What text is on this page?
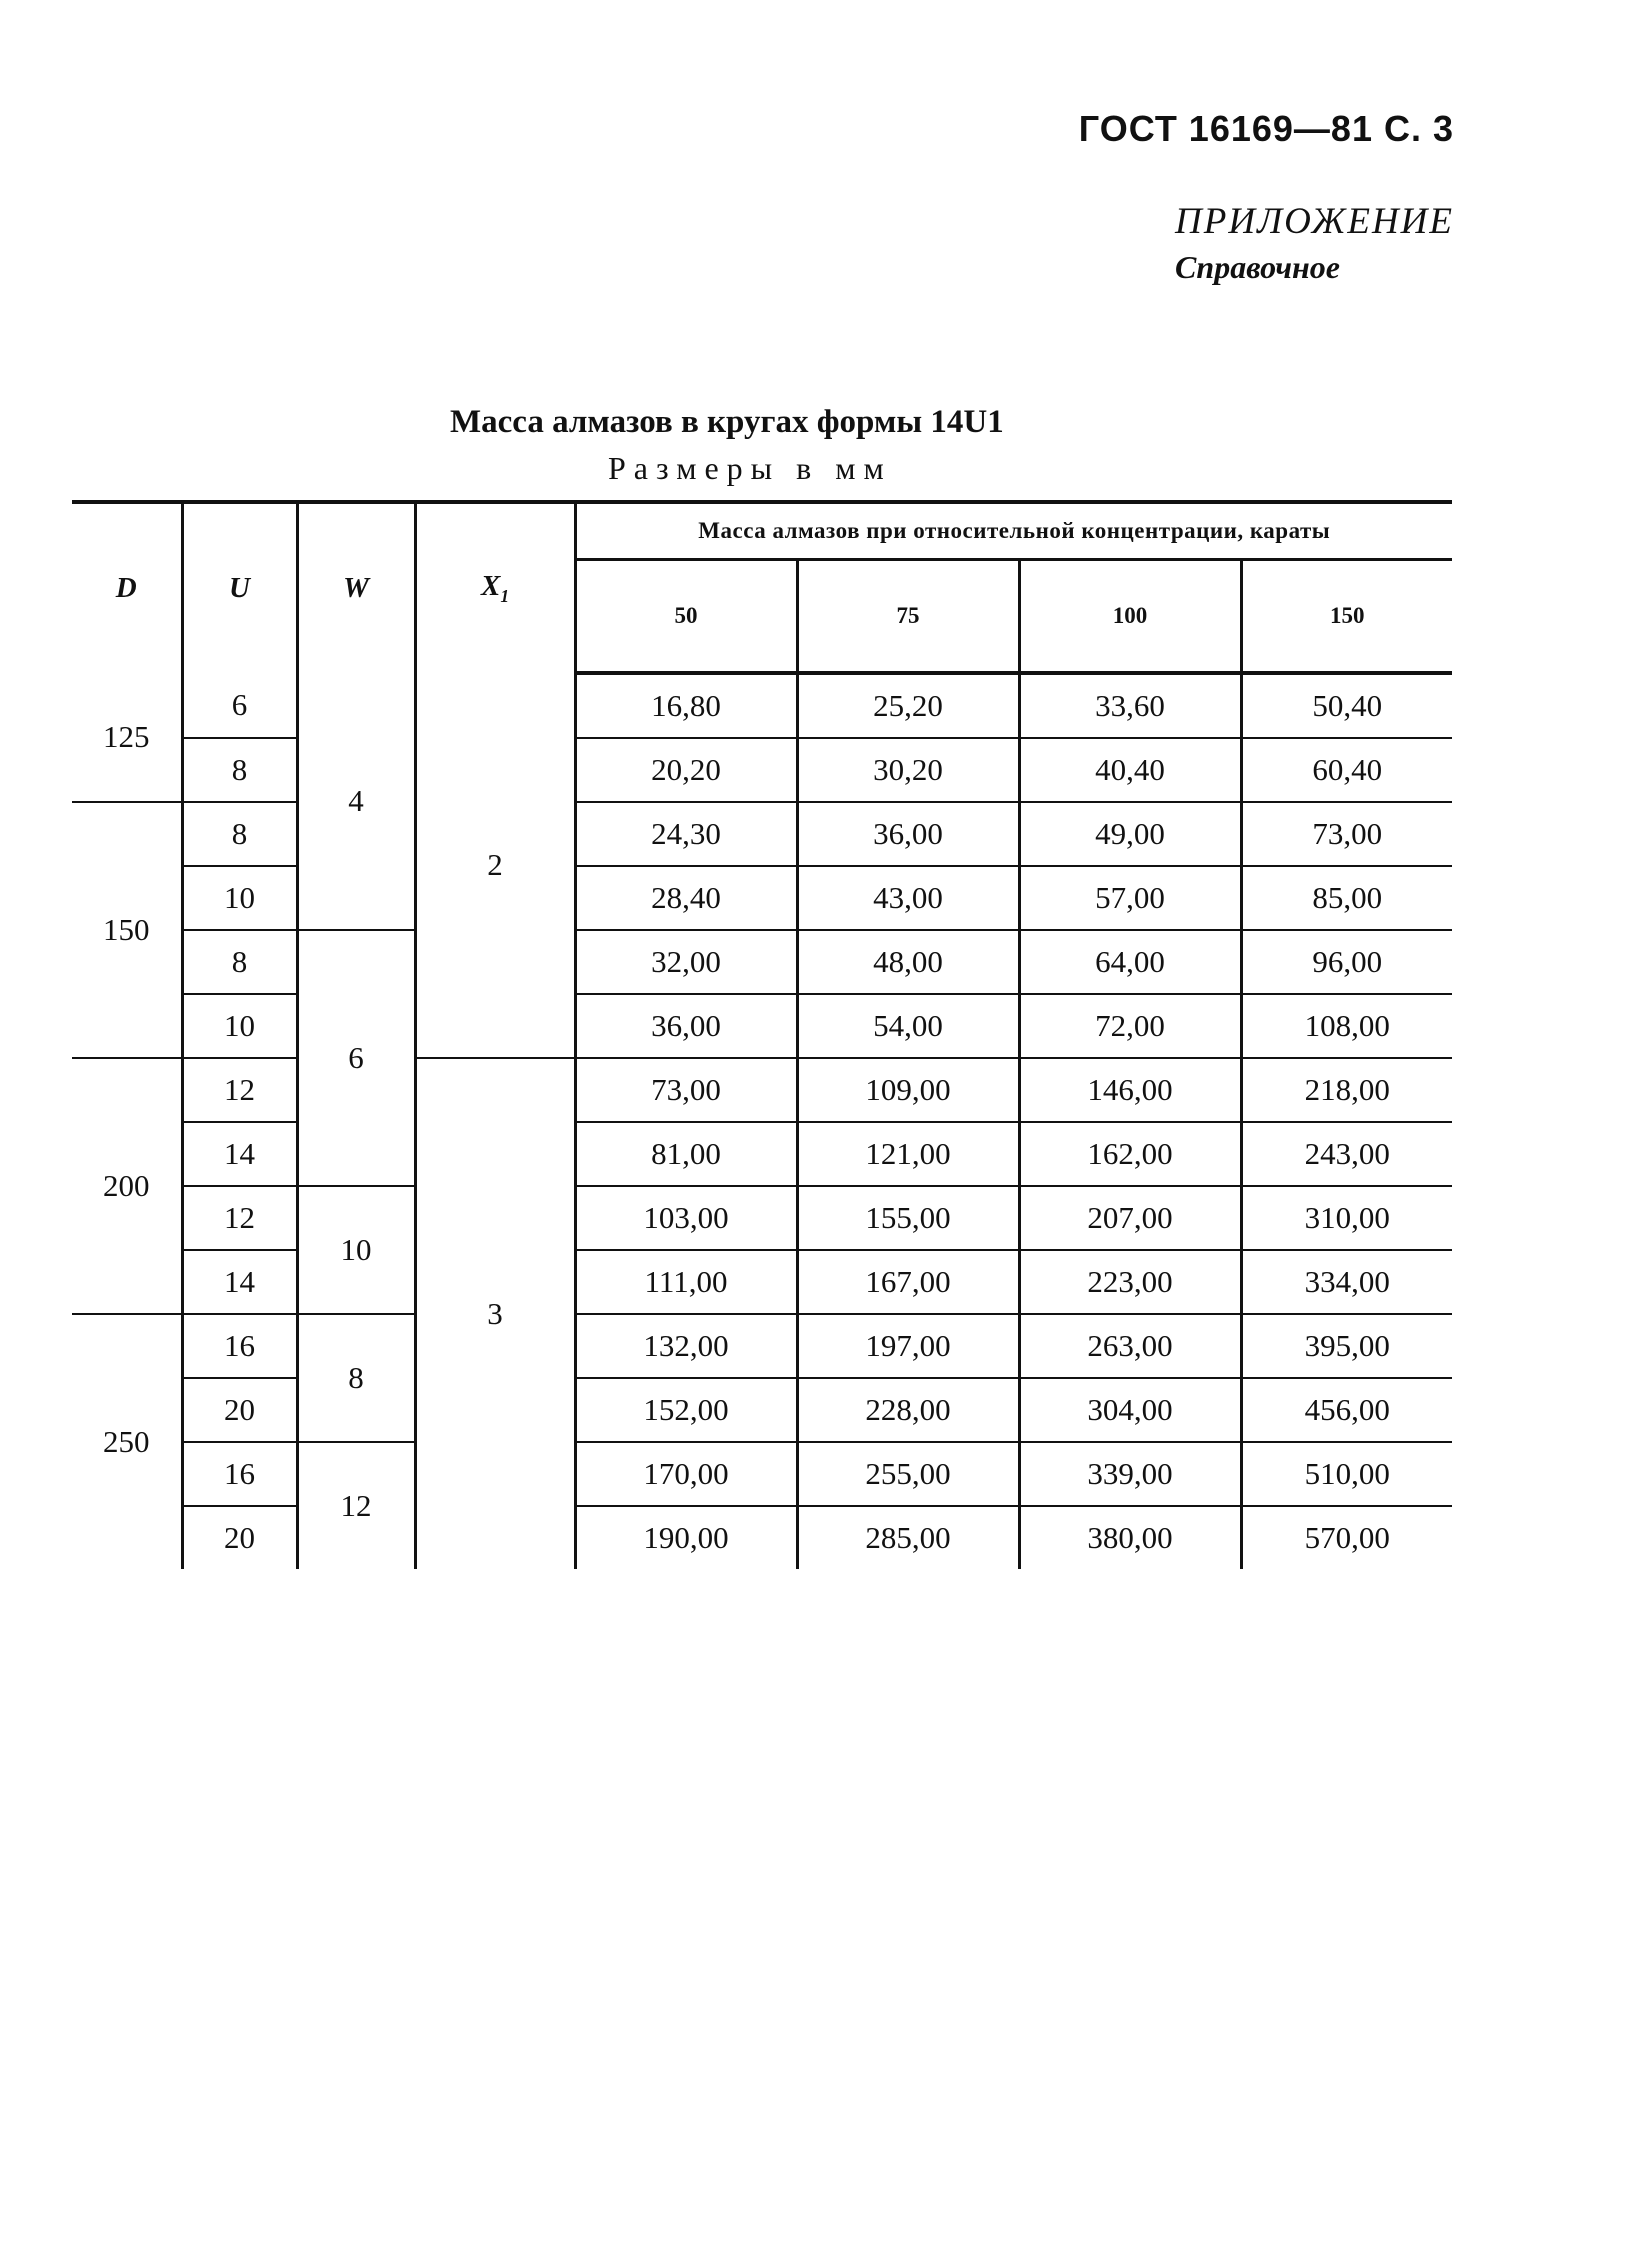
ГОСТ 16169—81 С. 3
ПРИЛОЖЕНИЕ
Справочное
Масса алмазов в кругах формы 14U1
Размеры в мм
D	U	W	$X_1$	Масса алмазов при относительной концентрации, караты			
				50	75	100	150
125	6	4	2	16,80	25,20	33,60	50,40
	8			20,20	30,20	40,40	60,40
150	8			24,30	36,00	49,00	73,00
	10			28,40	43,00	57,00	85,00
	8	6		32,00	48,00	64,00	96,00
	10			36,00	54,00	72,00	108,00
200	12		3	73,00	109,00	146,00	218,00
	14			81,00	121,00	162,00	243,00
	12	10		103,00	155,00	207,00	310,00
	14			111,00	167,00	223,00	334,00
250	16	8		132,00	197,00	263,00	395,00
	20			152,00	228,00	304,00	456,00
	16	12		170,00	255,00	339,00	510,00
	20			190,00	285,00	380,00	570,00
